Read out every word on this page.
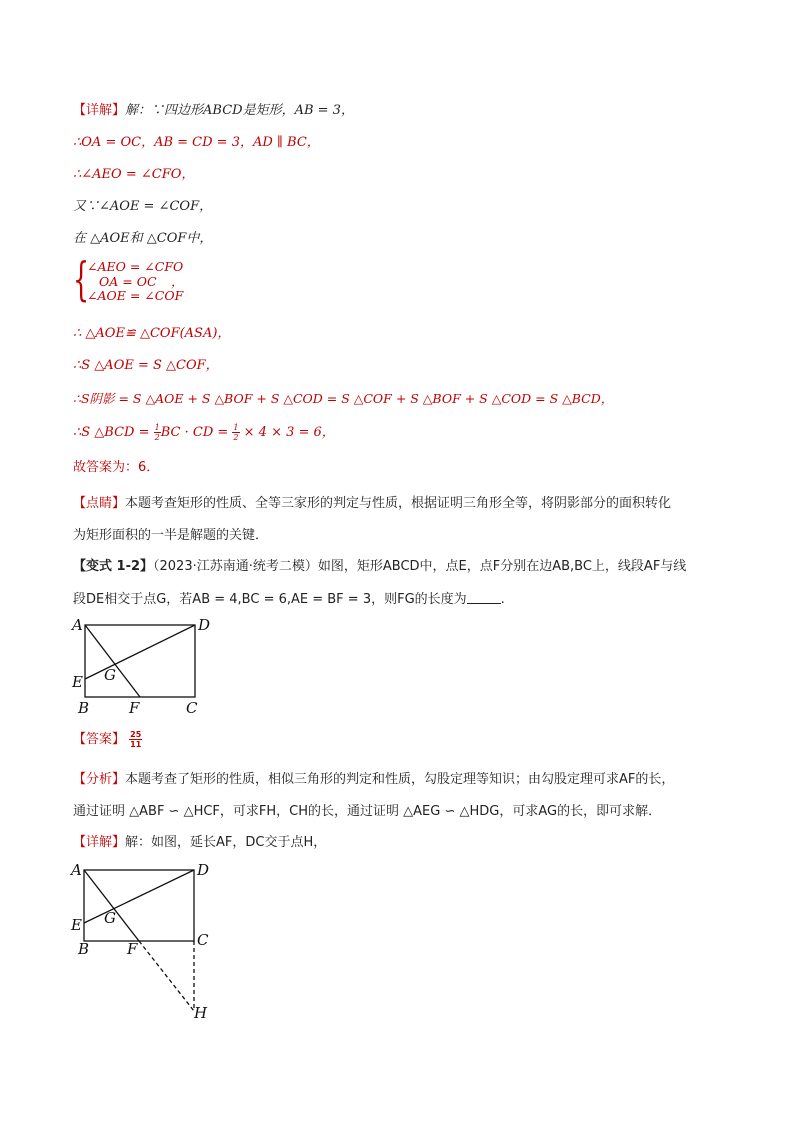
【详解】解：∵四边形ABCD是矩形，AB = 3，
∴OA = OC，AB = CD = 3，AD ∥ BC，
∴∠AEO = ∠CFO，
又∵∠AOE = ∠COF，
在 △AOE和 △COF中，
{
∠AEO = ∠CFO
OA = OC
∠AOE = ∠COF
，
∴ △AOE≌ △COF(ASA)，
∴S △AOE = S △COF，
∴S阴影 = S △AOE + S △BOF + S △COD = S △COF + S △BOF + S △COD = S △BCD，
∴S △BCD = $\frac{1}{2}$ BC · CD = $\frac{1}{2} \times 4 \times 3 = 6$，
故答案为：6．
【点睛】本题考查矩形的性质、全等三家形的判定与性质，根据证明三角形全等，将阴影部分的面积转化
为矩形面积的一半是解题的关键．
【变式 1-2】（2023·江苏南通·统考二模）如图，矩形ABCD中，点E，点F分别在边AB,BC上，线段AF与线
段DE相交于点G，若AB = 4,BC = 6,AE = BF = 3，则FG的长度为	.
A	D
E G
B	F	C
【答案】 $\frac{25}{11}$
【分析】本题考查了矩形的性质，相似三角形的判定和性质，勾股定理等知识；由勾股定理可求AF的长，
通过证明 △ABF ∽ △HCF，可求FH，CH的长，通过证明 △AEG ∽ △HDG，可求AG的长，即可求解．
【详解】解：如图，延长AF，DC交于点H，
A	D
E G
B	F	C
H
